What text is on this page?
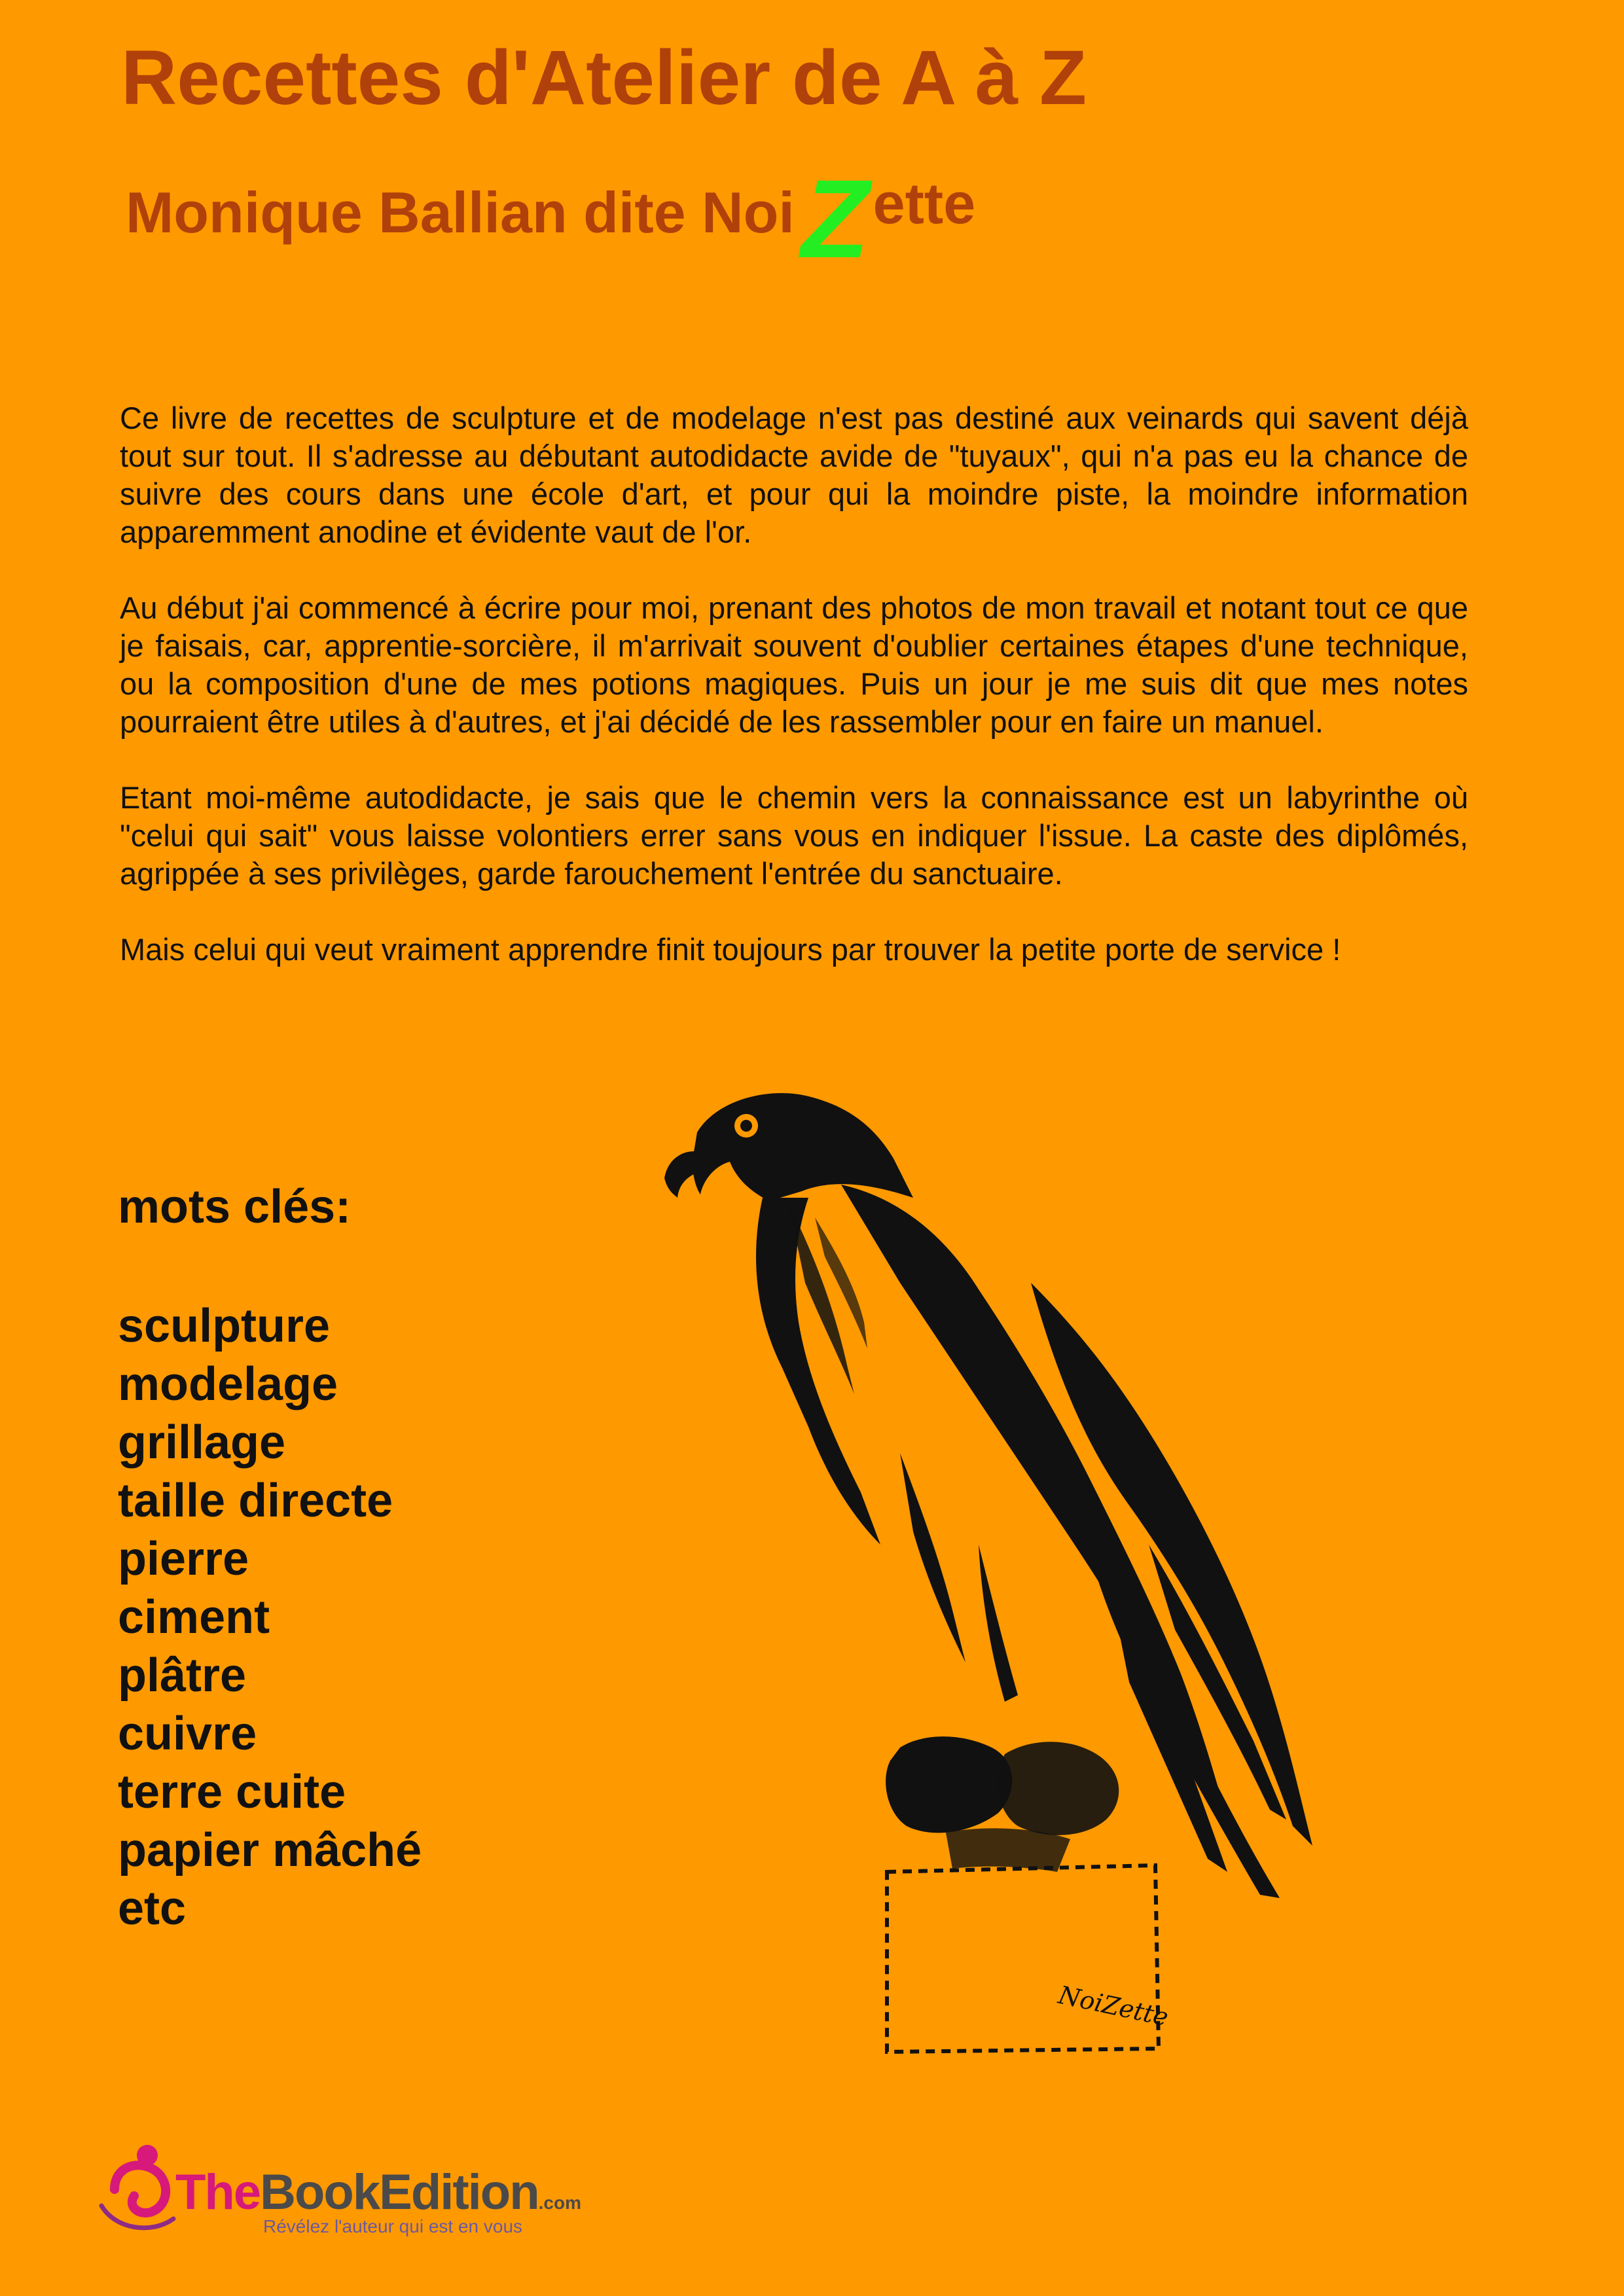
Recettes d'Atelier de A à Z
Monique Ballian dite NoiZette

Ce livre de recettes de sculpture et de modelage n'est pas destiné aux veinards qui savent déjà tout sur tout. Il s'adresse au débutant autodidacte avide de "tuyaux", qui n'a pas eu la chance de suivre des cours dans une école d'art, et pour qui la moindre piste, la moindre information apparemment anodine et évidente vaut de l'or.

Au début j'ai commencé à écrire pour moi, prenant des photos de mon travail et notant tout ce que je faisais, car, apprentie-sorcière, il m'arrivait souvent d'oublier certaines étapes d'une technique, ou la composition d'une de mes potions magiques. Puis un jour je me suis dit que mes notes pourraient être utiles à d'autres, et j'ai décidé de les rassembler pour en faire un manuel.

Etant moi-même autodidacte, je sais que le chemin vers la connaissance est un labyrinthe où "celui qui sait" vous laisse volontiers errer sans vous en indiquer l'issue. La caste des diplômés, agrippée à ses privilèges, garde farouchement l'entrée du sanctuaire.

Mais celui qui veut vraiment apprendre finit toujours par trouver la petite porte de service !

mots clés:
sculpture
modelage
grillage
taille directe
pierre
ciment
plâtre
cuivre
terre cuite
papier mâché
etc
NoiZette

TheBookEdition.com

Révélez l'auteur qui est en vous
